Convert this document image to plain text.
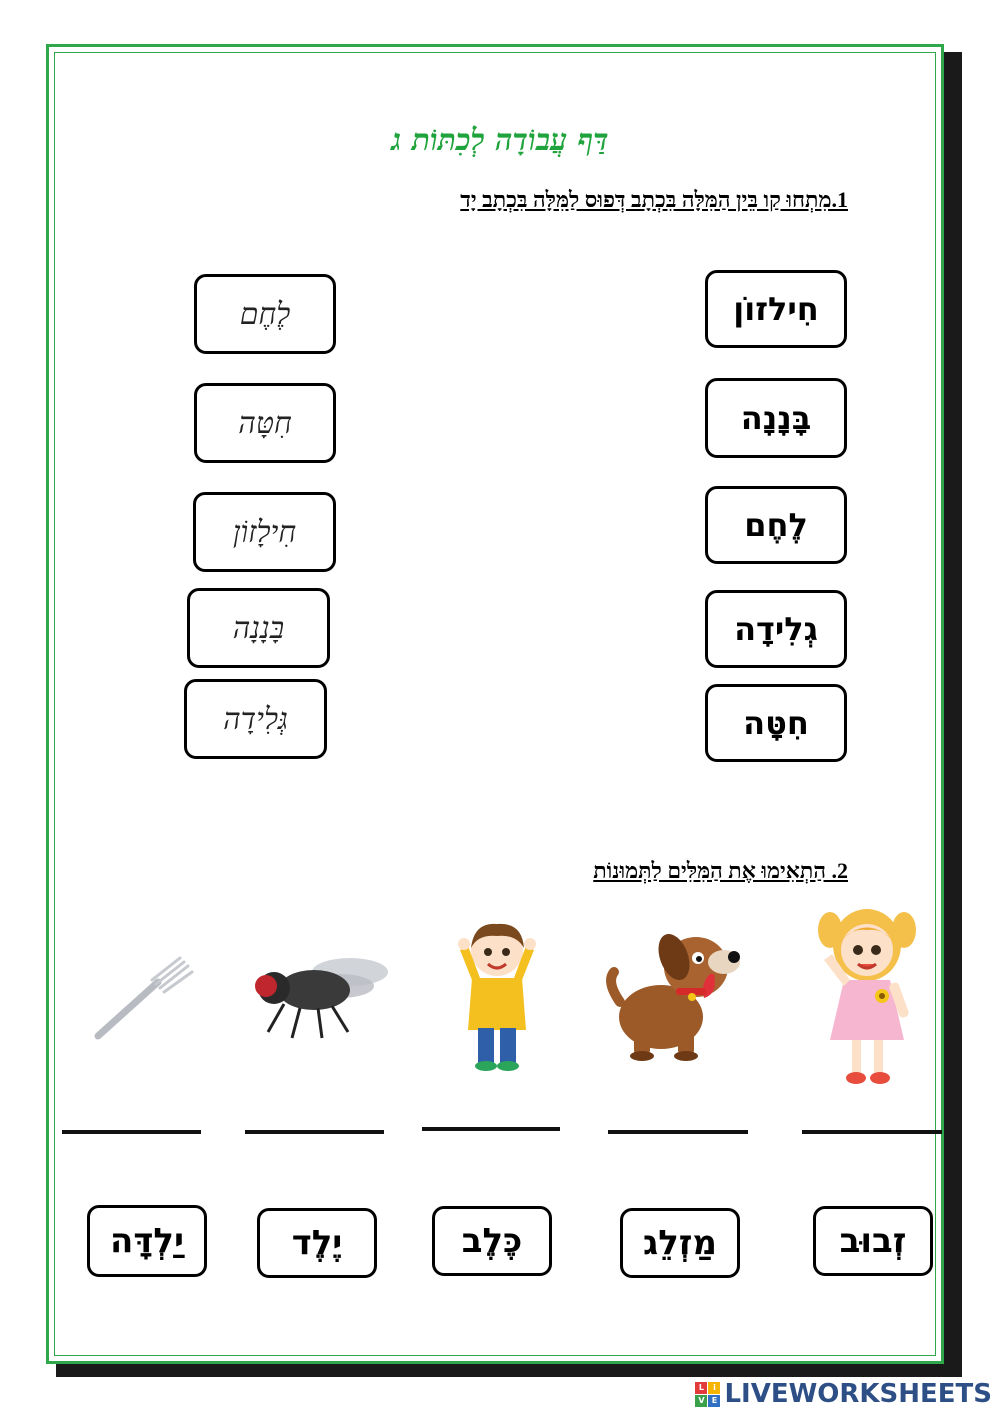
דַּף עֲבוֹדָה לְכִתּוֹת ג
1.מִתְחוּ קַו בֵּין הַמִּלָּה בִּכְתָב דְּפוּס לַמִּלָּה בִּכְתָב יָד
חִילזוֹן
בָּנָנָה
לֶחֶם
גְלִידָה
חִטָּה
לֶחֶם
חִטָּה
חִילָזוֹן
בָּנָנָה
גְּלִידָה
2. הַתְאִימוּ אֶת הַמִּלִּים לַתְּמוּנוֹת
זְבוּב
מַזְלֵג
כֶּלֶב
יֶלֶד
יַלְדָּה
L	i
V E LIVEWORKSHEETS
